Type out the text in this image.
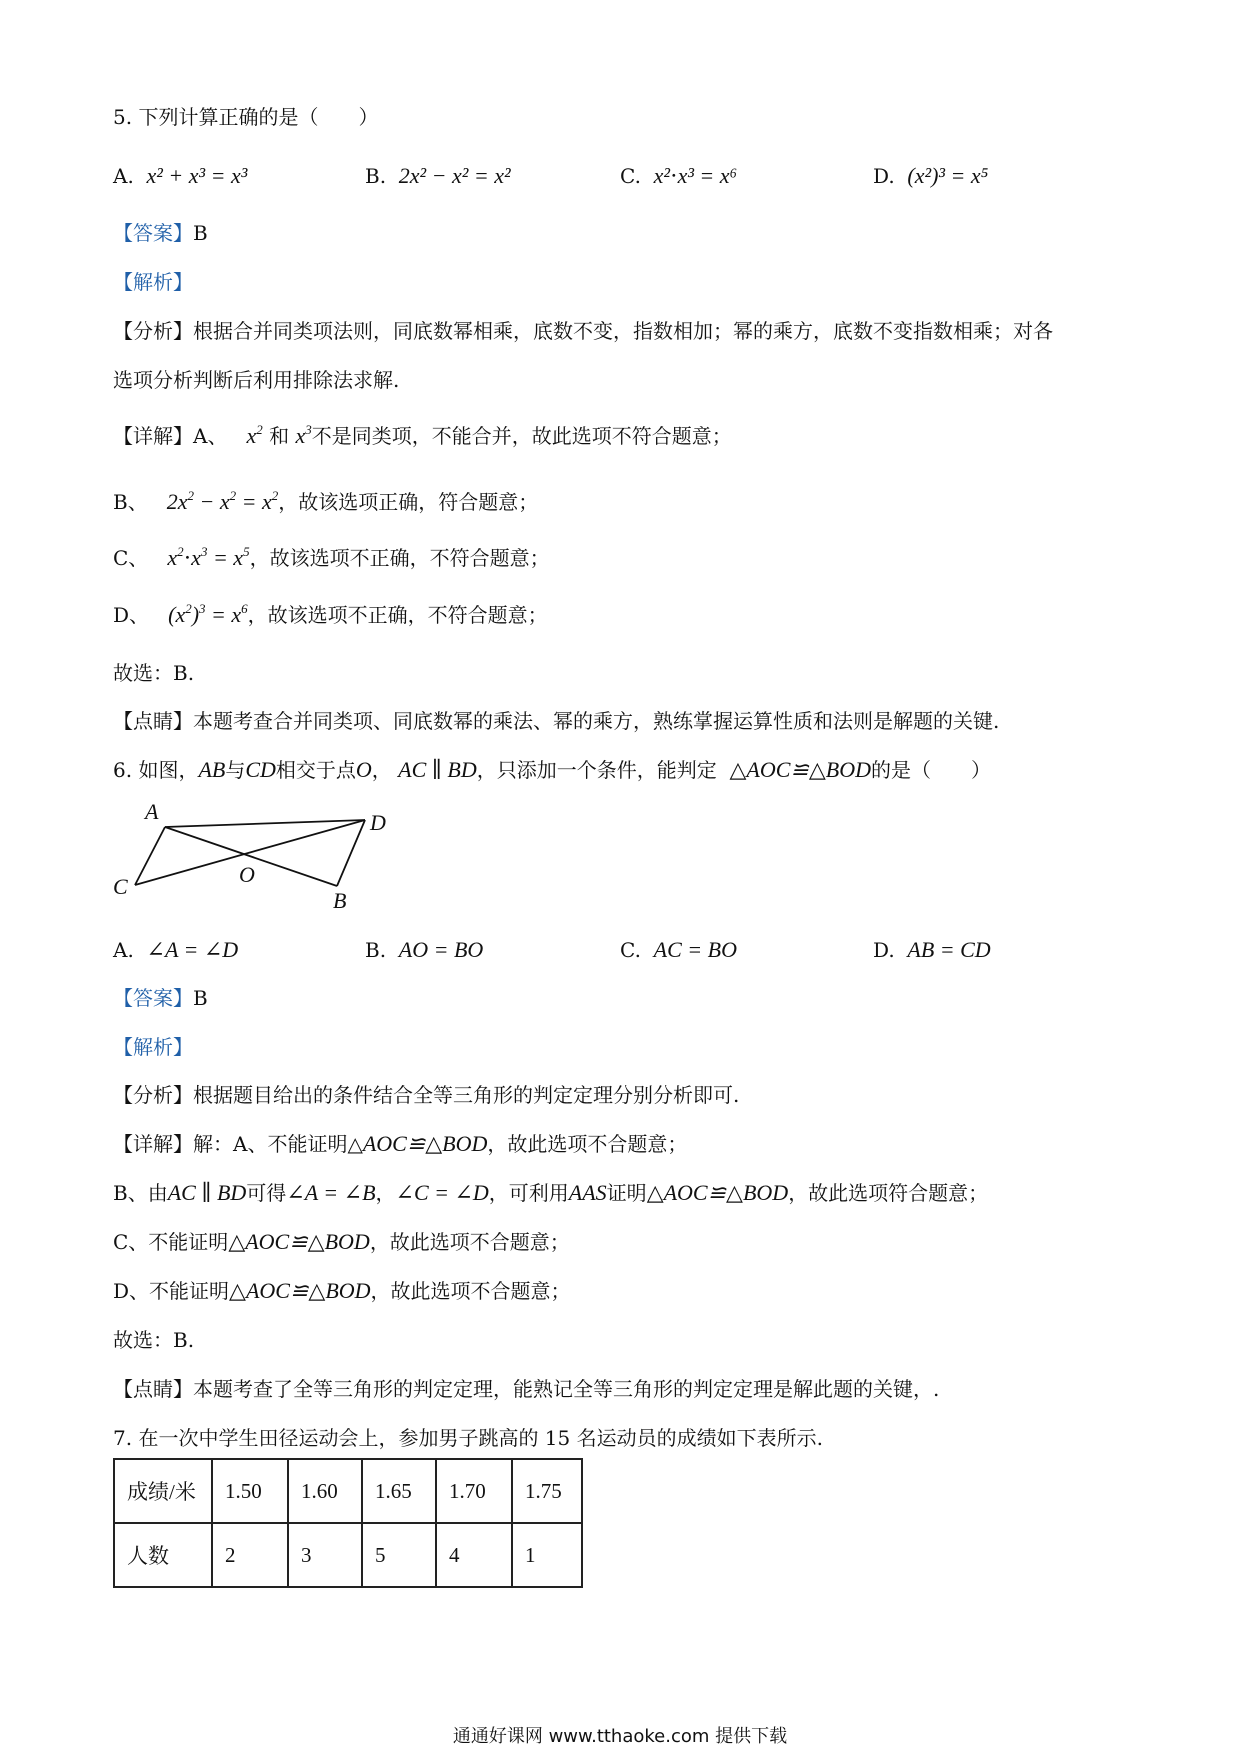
5. 下列计算正确的是（　　）
A. x² + x³ = x³	B. 2x² − x² = x²	C. x²⋅x³ = x⁶	D. (x²)³ = x⁵
【答案】B
【解析】
【分析】根据合并同类项法则，同底数幂相乘，底数不变，指数相加；幂的乘方，底数不变指数相乘；对各
选项分析判断后利用排除法求解.
【详解】A、 $x^2$ 和 $x^3$不是同类项，不能合并，故此选项不符合题意；
B、 $2x^2 - x^2 = x^2$，故该选项正确，符合题意；
C、 $x^2\cdot x^3 = x^5$，故该选项不正确，不符合题意；
D、 $(x^2)^3 = x^6$，故该选项不正确，不符合题意；
故选：B.
【点睛】本题考查合并同类项、同底数幂的乘法、幂的乘方，熟练掌握运算性质和法则是解题的关键.
6. 如图，AB与CD相交于点O， AC ∥ BD，只添加一个条件，能判定 △AOC≌△BOD的是（　　）
A	D
O
C
B
A. ∠A = ∠D	B. AO = BO	C. AC = BO	D. AB = CD
【答案】B
【解析】
【分析】根据题目给出的条件结合全等三角形的判定定理分别分析即可.
【详解】解：A、不能证明△AOC≌△BOD，故此选项不合题意；
B、由AC ∥ BD可得∠A = ∠B，∠C = ∠D，可利用AAS证明△AOC≌△BOD，故此选项符合题意；
C、不能证明△AOC≌△BOD，故此选项不合题意；
D、不能证明△AOC≌△BOD，故此选项不合题意；
故选：B.
【点睛】本题考查了全等三角形的判定定理，能熟记全等三角形的判定定理是解此题的关键，.
7. 在一次中学生田径运动会上，参加男子跳高的 15 名运动员的成绩如下表所示.
成绩/米	1.50	1.60	1.65	1.70	1.75
人数	2	3	5	4	1
通通好课网 www.tthaoke.com 提供下载
